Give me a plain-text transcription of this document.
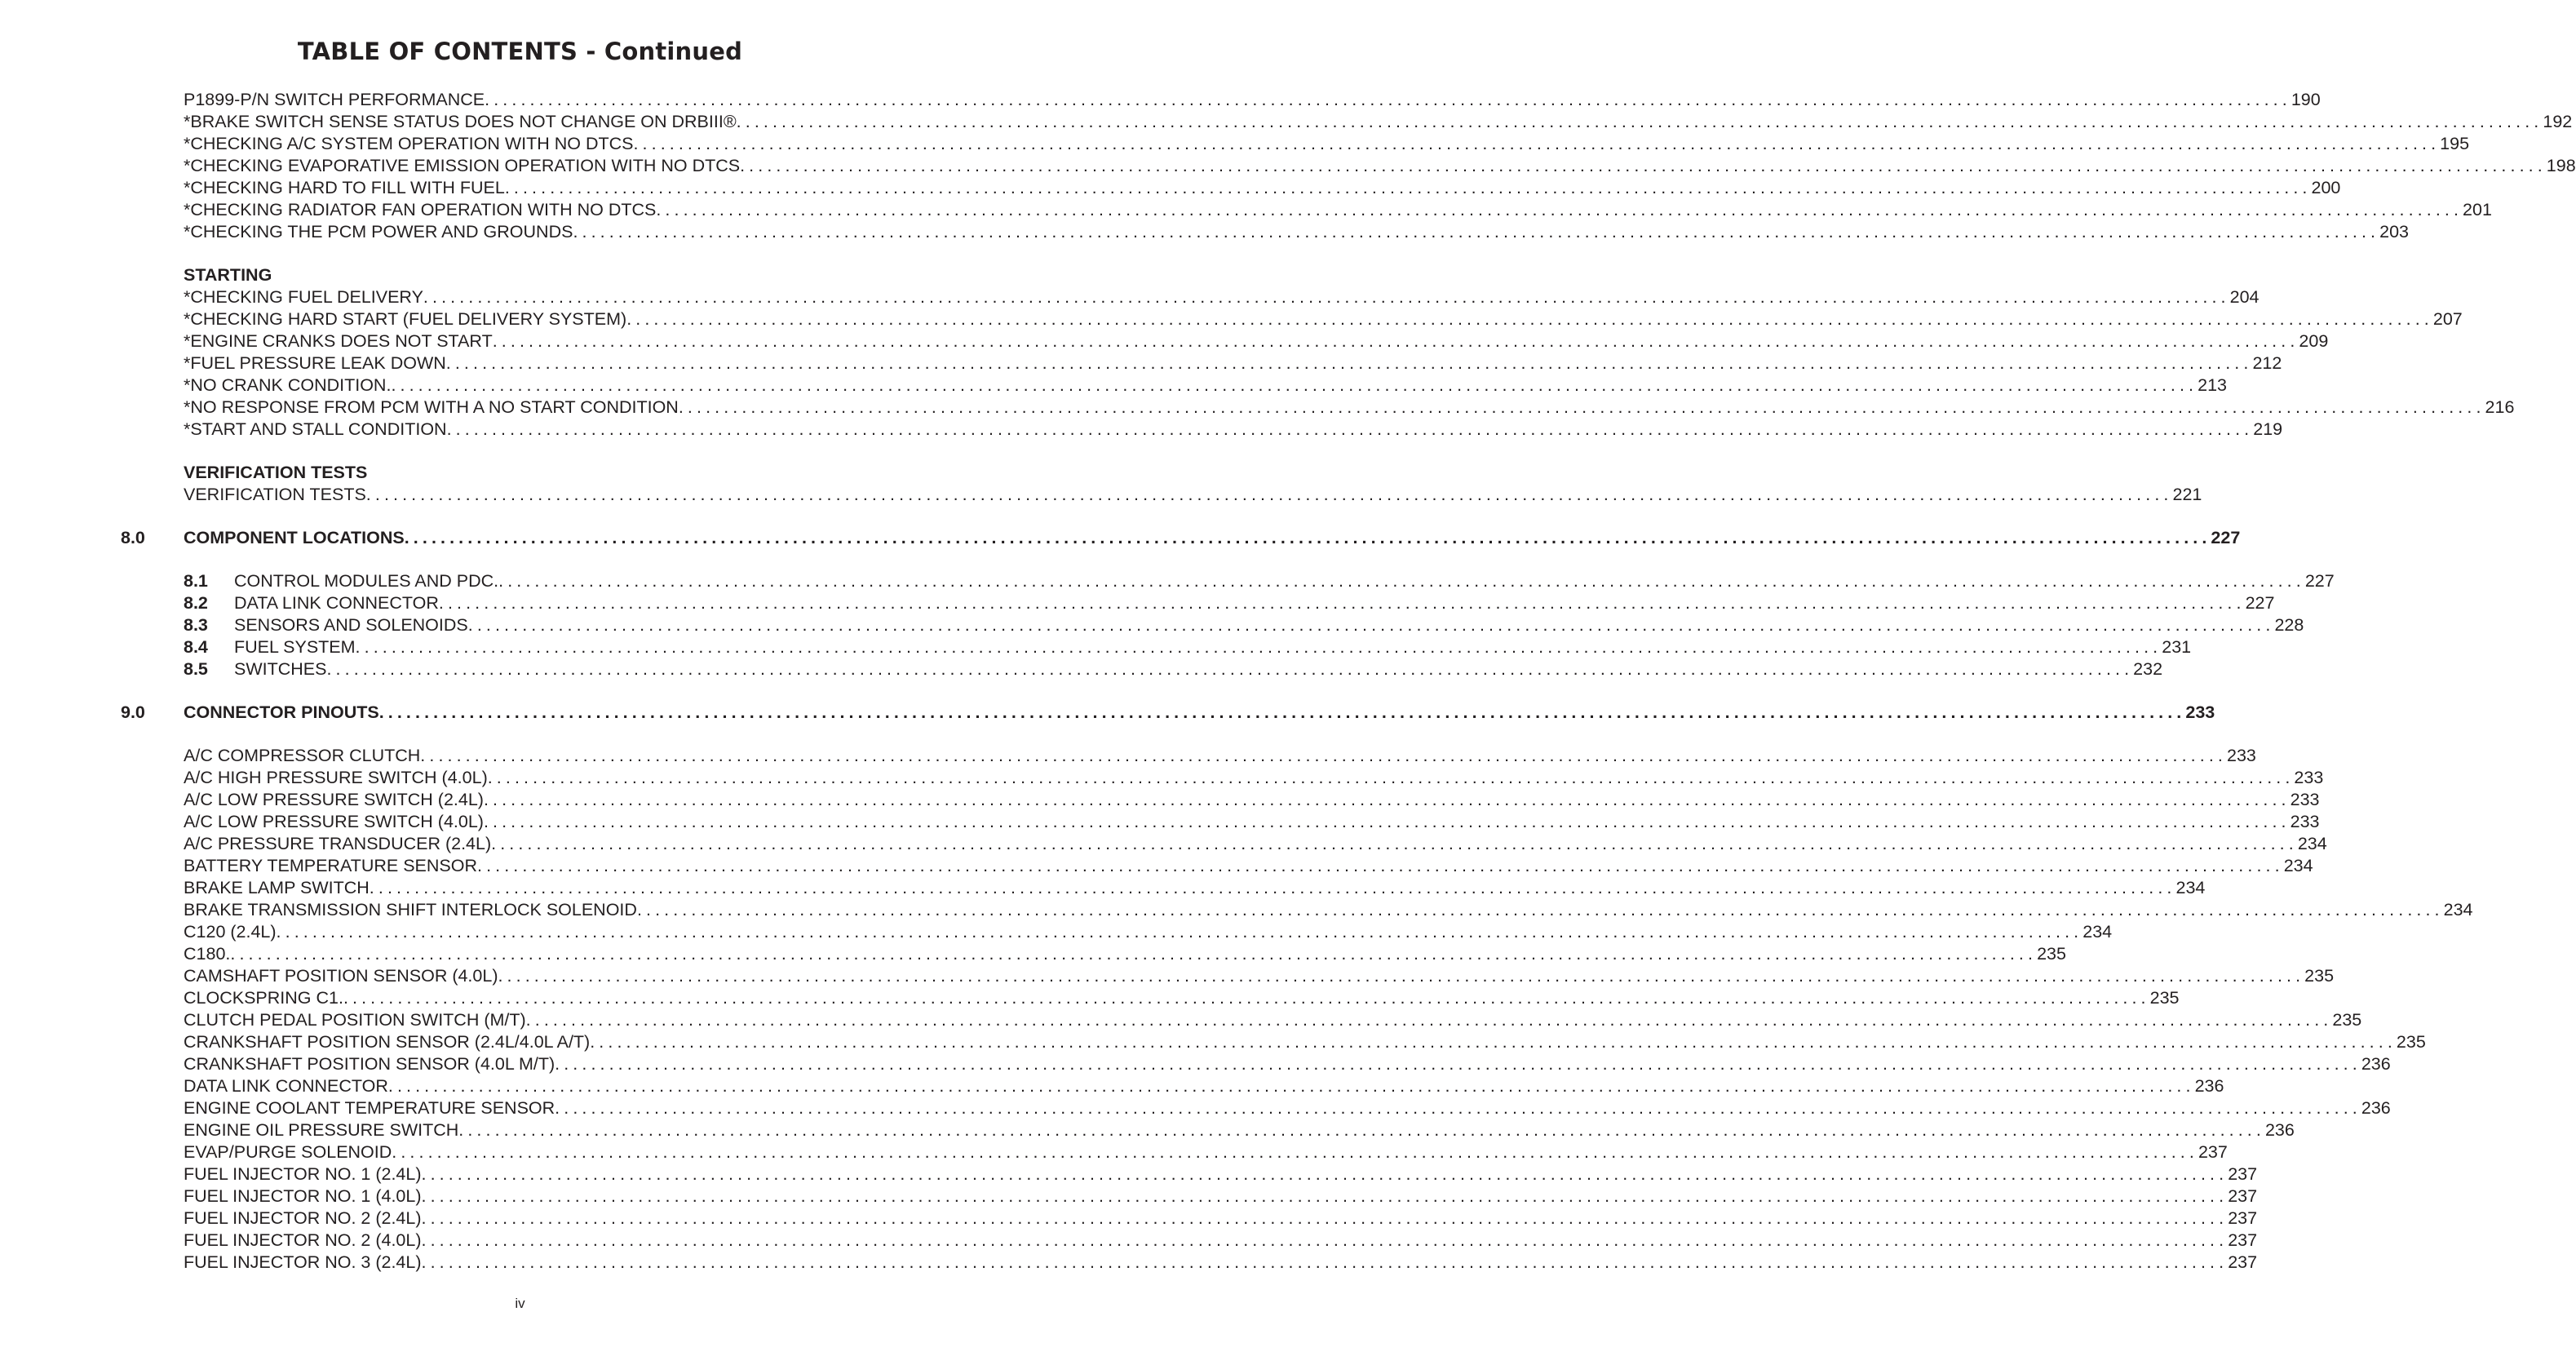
TABLE OF CONTENTS - Continued
P1899-P/N SWITCH PERFORMANCE ........................................................................................................................................................................................................ 190
*BRAKE SWITCH SENSE STATUS DOES NOT CHANGE ON DRBIII® ........................................................................................................................................................................................................ 192
*CHECKING A/C SYSTEM OPERATION WITH NO DTCS ........................................................................................................................................................................................................ 195
*CHECKING EVAPORATIVE EMISSION OPERATION WITH NO DTCS ........................................................................................................................................................................................................ 198
*CHECKING HARD TO FILL WITH FUEL ........................................................................................................................................................................................................ 200
*CHECKING RADIATOR FAN OPERATION WITH NO DTCS ........................................................................................................................................................................................................ 201
*CHECKING THE PCM POWER AND GROUNDS ........................................................................................................................................................................................................ 203
STARTING
*CHECKING FUEL DELIVERY ........................................................................................................................................................................................................ 204
*CHECKING HARD START (FUEL DELIVERY SYSTEM) ........................................................................................................................................................................................................ 207
*ENGINE CRANKS DOES NOT START ........................................................................................................................................................................................................ 209
*FUEL PRESSURE LEAK DOWN ........................................................................................................................................................................................................ 212
*NO CRANK CONDITION. ........................................................................................................................................................................................................ 213
*NO RESPONSE FROM PCM WITH A NO START CONDITION ........................................................................................................................................................................................................ 216
*START AND STALL CONDITION ........................................................................................................................................................................................................ 219
VERIFICATION TESTS
VERIFICATION TESTS ........................................................................................................................................................................................................ 221
8.0 COMPONENT LOCATIONS ........................................................................................................................................................................................................ 227
8.1 CONTROL MODULES AND PDC. ........................................................................................................................................................................................................ 227
8.2 DATA LINK CONNECTOR ........................................................................................................................................................................................................ 227
8.3 SENSORS AND SOLENOIDS ........................................................................................................................................................................................................ 228
8.4 FUEL SYSTEM ........................................................................................................................................................................................................ 231
8.5 SWITCHES ........................................................................................................................................................................................................ 232
9.0 CONNECTOR PINOUTS ........................................................................................................................................................................................................ 233
A/C COMPRESSOR CLUTCH ........................................................................................................................................................................................................ 233
A/C HIGH PRESSURE SWITCH (4.0L) ........................................................................................................................................................................................................ 233
A/C LOW PRESSURE SWITCH (2.4L) ........................................................................................................................................................................................................ 233
A/C LOW PRESSURE SWITCH (4.0L) ........................................................................................................................................................................................................ 233
A/C PRESSURE TRANSDUCER (2.4L) ........................................................................................................................................................................................................ 234
BATTERY TEMPERATURE SENSOR ........................................................................................................................................................................................................ 234
BRAKE LAMP SWITCH ........................................................................................................................................................................................................ 234
BRAKE TRANSMISSION SHIFT INTERLOCK SOLENOID ........................................................................................................................................................................................................ 234
C120 (2.4L) ........................................................................................................................................................................................................ 234
C180. ........................................................................................................................................................................................................ 235
CAMSHAFT POSITION SENSOR (4.0L) ........................................................................................................................................................................................................ 235
CLOCKSPRING C1. ........................................................................................................................................................................................................ 235
CLUTCH PEDAL POSITION SWITCH (M/T) ........................................................................................................................................................................................................ 235
CRANKSHAFT POSITION SENSOR (2.4L/4.0L A/T) ........................................................................................................................................................................................................ 235
CRANKSHAFT POSITION SENSOR (4.0L M/T) ........................................................................................................................................................................................................ 236
DATA LINK CONNECTOR ........................................................................................................................................................................................................ 236
ENGINE COOLANT TEMPERATURE SENSOR ........................................................................................................................................................................................................ 236
ENGINE OIL PRESSURE SWITCH ........................................................................................................................................................................................................ 236
EVAP/PURGE SOLENOID ........................................................................................................................................................................................................ 237
FUEL INJECTOR NO. 1 (2.4L) ........................................................................................................................................................................................................ 237
FUEL INJECTOR NO. 1 (4.0L) ........................................................................................................................................................................................................ 237
FUEL INJECTOR NO. 2 (2.4L) ........................................................................................................................................................................................................ 237
FUEL INJECTOR NO. 2 (4.0L) ........................................................................................................................................................................................................ 237
FUEL INJECTOR NO. 3 (2.4L) ........................................................................................................................................................................................................ 237
iv
